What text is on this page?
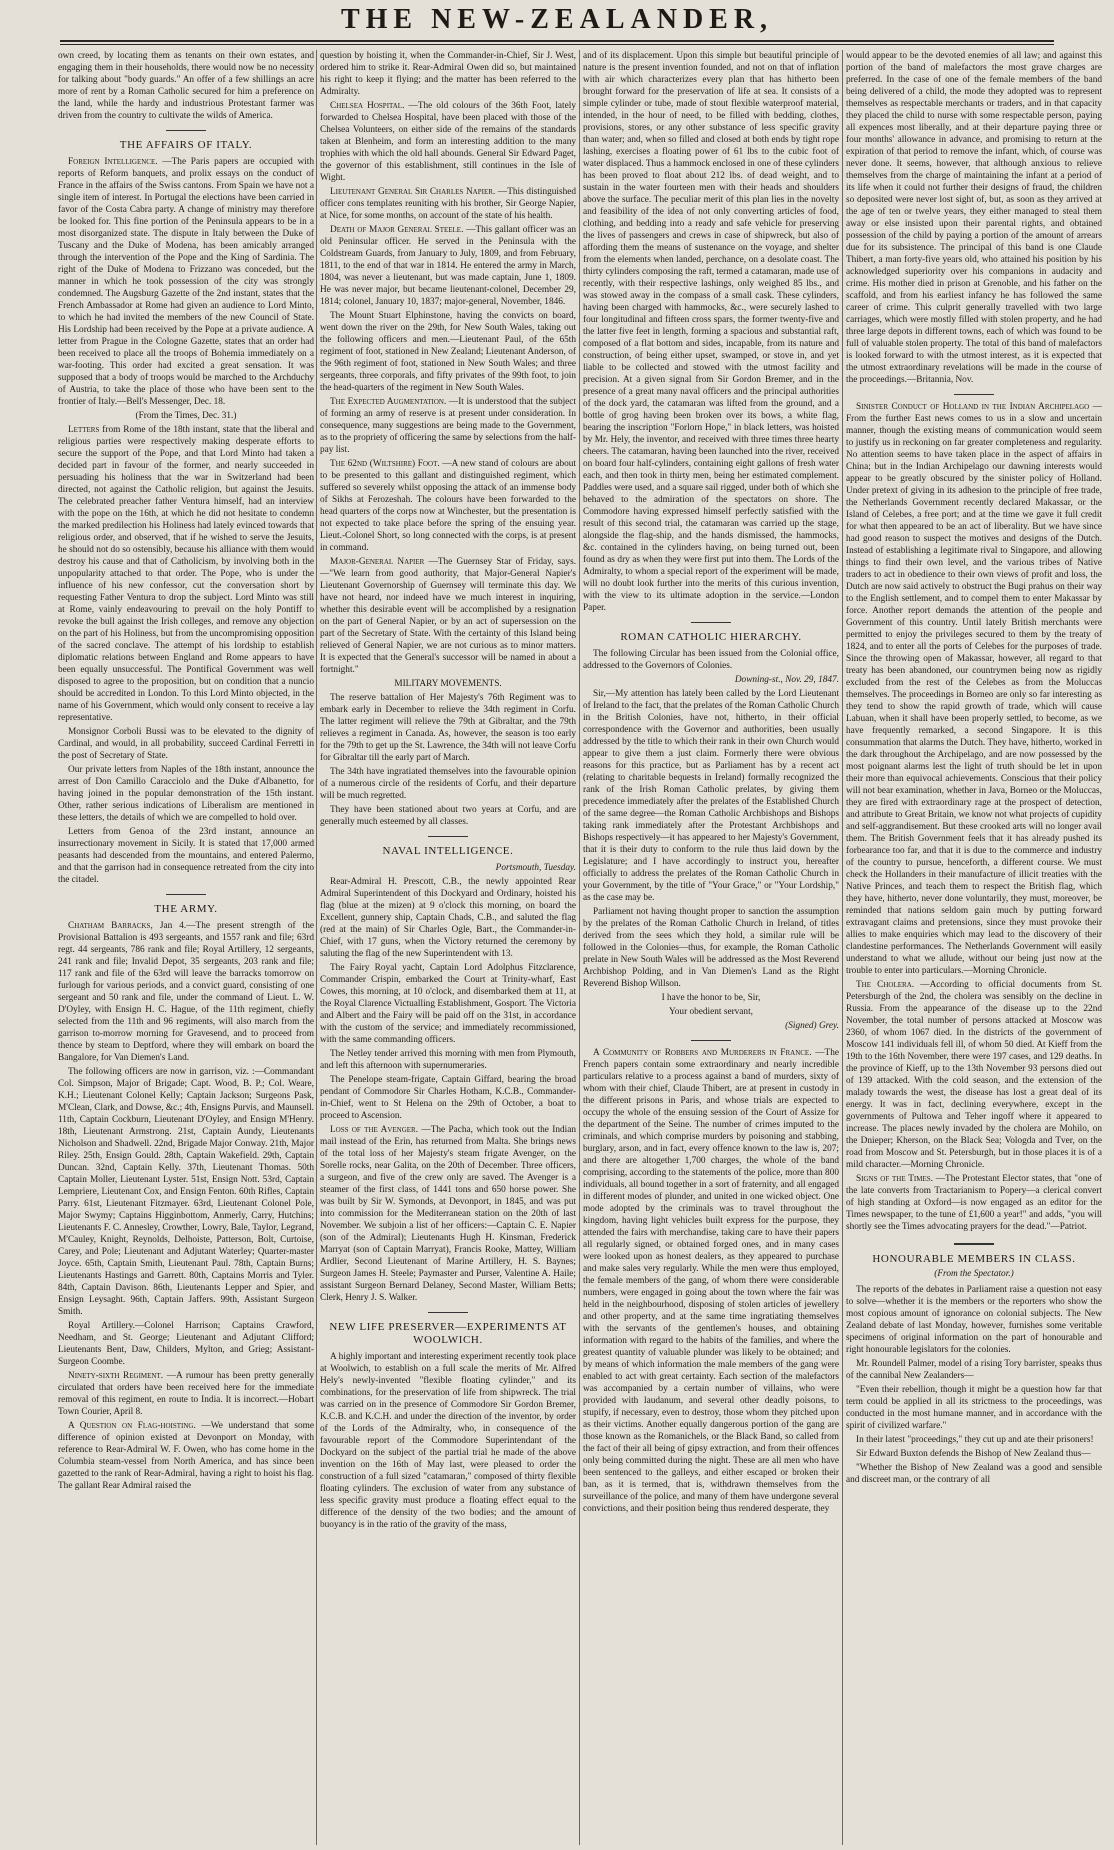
THE NEW-ZEALANDER,

own creed, by locating them as tenants on their own estates, and engaging them in their households, there would now be no necessity for talking about "body guards." An offer of a few shillings an acre more of rent by a Roman Catholic secured for him a preference on the land, while the hardy and industrious Protestant farmer was driven from the country to cultivate the wilds of America.

THE AFFAIRS OF ITALY.

Foreign Intelligence. —The Paris papers are occupied with reports of Reform banquets, and prolix essays on the conduct of France in the affairs of the Swiss cantons. From Spain we have not a single item of interest. In Portugal the elections have been carried in favor of the Costa Cabra party. A change of ministry may therefore be looked for. This fine portion of the Peninsula appears to be in a most disorganized state. The dispute in Italy between the Duke of Tuscany and the Duke of Modena, has been amicably arranged through the intervention of the Pope and the King of Sardinia. The right of the Duke of Modena to Frizzano was conceded, but the manner in which he took possession of the city was strongly condemned. The Augsburg Gazette of the 2nd instant, states that the French Ambassador at Rome had given an audience to Lord Minto, to which he had invited the members of the new Council of State. His Lordship had been received by the Pope at a private audience. A letter from Prague in the Cologne Gazette, states that an order had been received to place all the troops of Bohemia immediately on a war-footing. This order had excited a great sensation. It was supposed that a body of troops would be marched to the Archduchy of Austria, to take the place of those who have been sent to the frontier of Italy.—Bell's Messenger, Dec. 18.

(From the Times, Dec. 31.)

Letters from Rome of the 18th instant, state that the liberal and religious parties were respectively making desperate efforts to secure the support of the Pope, and that Lord Minto had taken a decided part in favour of the former, and nearly succeeded in persuading his holiness that the war in Switzerland had been directed, not against the Catholic religion, but against the Jesuits. The celebrated preacher father Ventura himself, had an interview with the pope on the 16th, at which he did not hesitate to condemn the marked predilection his Holiness had lately evinced towards that religious order, and observed, that if he wished to serve the Jesuits, he should not do so ostensibly, because his alliance with them would destroy his cause and that of Catholicism, by involving both in the unpopularity attached to that order. The Pope, who is under the influence of his new confessor, cut the conversation short by requesting Father Ventura to drop the subject. Lord Minto was still at Rome, vainly endeavouring to prevail on the holy Pontiff to revoke the bull against the Irish colleges, and remove any objection on the part of his Holiness, but from the uncompromising opposition of the sacred conclave. The attempt of his lordship to establish diplomatic relations between England and Rome appears to have been equally unsuccessful. The Pontifical Government was well disposed to agree to the proposition, but on condition that a nuncio should be accredited in London. To this Lord Minto objected, in the name of his Government, which would only consent to receive a lay representative.

Monsignor Corboli Bussi was to be elevated to the dignity of Cardinal, and would, in all probability, succeed Cardinal Ferretti in the post of Secretary of State.

Our private letters from Naples of the 18th instant, announce the arrest of Don Camillo Caracciolo and the Duke d'Albanetto, for having joined in the popular demonstration of the 15th instant. Other, rather serious indications of Liberalism are mentioned in these letters, the details of which we are compelled to hold over.

Letters from Genoa of the 23rd instant, announce an insurrectionary movement in Sicily. It is stated that 17,000 armed peasants had descended from the mountains, and entered Palermo, and that the garrison had in consequence retreated from the city into the citadel.

THE ARMY.

Chatham Barracks, Jan 4.—The present strength of the Provisional Battalion is 493 sergeants, and 1557 rank and file; 63rd regt. 44 sergeants, 786 rank and file; Royal Artillery, 12 sergeants, 241 rank and file; Invalid Depot, 35 sergeants, 203 rank and file; 117 rank and file of the 63rd will leave the barracks tomorrow on furlough for various periods, and a convict guard, consisting of one sergeant and 50 rank and file, under the command of Lieut. L. W. D'Oyley, with Ensign H. C. Hague, of the 11th regiment, chiefly selected from the 11th and 96 regiments, will also march from the garrison to-morrow morning for Gravesend, and to proceed from thence by steam to Deptford, where they will embark on board the Bangalore, for Van Diemen's Land.

The following officers are now in garrison, viz. :—Commandant Col. Simpson, Major of Brigade; Capt. Wood, B. P.; Col. Weare, K.H.; Lieutenant Colonel Kelly; Captain Jackson; Surgeons Pask, M'Clean, Clark, and Dowse, &c.; 4th, Ensigns Purvis, and Maunsell. 11th, Captain Cockburn, Lieutenant D'Oyley, and Ensign M'Henry. 18th, Lieutenant Armstrong. 21st, Captain Aundy, Lieutenants Nicholson and Shadwell. 22nd, Brigade Major Conway. 21th, Major Riley. 25th, Ensign Gould. 28th, Captain Wakefield. 29th, Captain Duncan. 32nd, Captain Kelly. 37th, Lieutenant Thomas. 50th Captain Moller, Lieutenant Lyster. 51st, Ensign Nott. 53rd, Captain Lempriere, Lieutenant Cox, and Ensign Fenton. 60th Rifles, Captain Parry. 61st, Lieutenant Fitzmayer. 63rd, Lieutenant Colonel Pole, Major Swymy; Captains Higginbottom, Anmerly, Carry, Hutchins; Lieutenants F. C. Annesley, Crowther, Lowry, Bale, Taylor, Legrand, M'Cauley, Knight, Reynolds, Delhoiste, Patterson, Bolt, Curtoise, Carey, and Pole; Lieutenant and Adjutant Waterley; Quarter-master Joyce. 65th, Captain Smith, Lieutenant Paul. 78th, Captain Burns; Lieutenants Hastings and Garrett. 80th, Captains Morris and Tyler. 84th, Captain Davison. 86th, Lieutenants Lepper and Spier, and Ensign Leysaght. 96th, Captain Jaffers. 99th, Assistant Surgeon Smith.

Royal Artillery.—Colonel Harrison; Captains Crawford, Needham, and St. George; Lieutenant and Adjutant Clifford; Lieutenants Bent, Daw, Childers, Mylton, and Grieg; Assistant-Surgeon Coombe.

Ninety-sixth Regiment. —A rumour has been pretty generally circulated that orders have been received here for the immediate removal of this regiment, en route to India. It is incorrect.—Hobart Town Courier, April 8.

A Question on Flag-hoisting. —We understand that some difference of opinion existed at Devonport on Monday, with reference to Rear-Admiral W. F. Owen, who has come home in the Columbia steam-vessel from North America, and has since been gazetted to the rank of Rear-Admiral, having a right to hoist his flag. The gallant Rear Admiral raised the

question by hoisting it, when the Commander-in-Chief, Sir J. West, ordered him to strike it. Rear-Admiral Owen did so, but maintained his right to keep it flying; and the matter has been referred to the Admiralty.

Chelsea Hospital. —The old colours of the 36th Foot, lately forwarded to Chelsea Hospital, have been placed with those of the Chelsea Volunteers, on either side of the remains of the standards taken at Blenheim, and form an interesting addition to the many trophies with which the old hall abounds. General Sir Edward Paget, the governor of this establishment, still continues in the Isle of Wight.

Lieutenant General Sir Charles Napier. —This distinguished officer cons templates reuniting with his brother, Sir George Napier, at Nice, for some months, on account of the state of his health.

Death of Major General Steele. —This gallant officer was an old Peninsular officer. He served in the Peninsula with the Coldstream Guards, from January to July, 1809, and from February, 1811, to the end of that war in 1814. He entered the army in March, 1804, was never a lieutenant, but was made captain, June 1, 1809. He was never major, but became lieutenant-colonel, December 29, 1814; colonel, January 10, 1837; major-general, November, 1846.

The Mount Stuart Elphinstone, having the convicts on board, went down the river on the 29th, for New South Wales, taking out the following officers and men.—Lieutenant Paul, of the 65th regiment of foot, stationed in New Zealand; Lieutenant Anderson, of the 96th regiment of foot, stationed in New South Wales; and three sergeants, three corporals, and fifty privates of the 99th foot, to join the head-quarters of the regiment in New South Wales.

The Expected Augmentation. —It is understood that the subject of forming an army of reserve is at present under consideration. In consequence, many suggestions are being made to the Government, as to the propriety of officering the same by selections from the half-pay list.

The 62nd (Wiltshire) Foot. —A new stand of colours are about to be presented to this gallant and distinguished regiment, which suffered so severely whilst opposing the attack of an immense body of Sikhs at Ferozeshah. The colours have been forwarded to the head quarters of the corps now at Winchester, but the presentation is not expected to take place before the spring of the ensuing year. Lieut.-Colonel Short, so long connected with the corps, is at present in command.

Major-General Napier —The Guernsey Star of Friday, says.—"We learn from good authority, that Major-General Napier's Lieutenant Governorship of Guernsey will terminate this day. We have not heard, nor indeed have we much interest in inquiring, whether this desirable event will be accomplished by a resignation on the part of General Napier, or by an act of supersession on the part of the Secretary of State. With the certainty of this Island being relieved of General Napier, we are not curious as to minor matters. It is expected that the General's successor will be named in about a fortnight."

MILITARY MOVEMENTS.

The reserve battalion of Her Majesty's 76th Regiment was to embark early in December to relieve the 34th regiment in Corfu. The latter regiment will relieve the 79th at Gibraltar, and the 79th relieves a regiment in Canada. As, however, the season is too early for the 79th to get up the St. Lawrence, the 34th will not leave Corfu for Gibraltar till the early part of March.

The 34th have ingratiated themselves into the favourable opinion of a numerous circle of the residents of Corfu, and their departure will be much regretted.

They have been stationed about two years at Corfu, and are generally much esteemed by all classes.

NAVAL INTELLIGENCE.

Portsmouth, Tuesday.

Rear-Admiral H. Prescott, C.B., the newly appointed Rear Admiral Superintendent of this Dockyard and Ordinary, hoisted his flag (blue at the mizen) at 9 o'clock this morning, on board the Excellent, gunnery ship, Captain Chads, C.B., and saluted the flag (red at the main) of Sir Charles Ogle, Bart., the Commander-in-Chief, with 17 guns, when the Victory returned the ceremony by saluting the flag of the new Superintendent with 13.

The Fairy Royal yacht, Captain Lord Adolphus Fitzclarence, Commander Crispin, embarked the Court at Trinity-wharf, East Cowes, this morning, at 10 o'clock, and disembarked them at 11, at the Royal Clarence Victualling Establishment, Gosport. The Victoria and Albert and the Fairy will be paid off on the 31st, in accordance with the custom of the service; and immediately recommissioned, with the same commanding officers.

The Netley tender arrived this morning with men from Plymouth, and left this afternoon with supernumeraries.

The Penelope steam-frigate, Captain Giffard, bearing the broad pendant of Commodore Sir Charles Hotham, K.C.B., Commander-in-Chief, went to St Helena on the 29th of October, a boat to proceed to Ascension.

Loss of the Avenger. —The Pacha, which took out the Indian mail instead of the Erin, has returned from Malta. She brings news of the total loss of her Majesty's steam frigate Avenger, on the Sorelle rocks, near Galita, on the 20th of December. Three officers, a surgeon, and five of the crew only are saved. The Avenger is a steamer of the first class, of 1441 tons and 650 horse power. She was built by Sir W. Symonds, at Devonport, in 1845, and was put into commission for the Mediterranean station on the 20th of last November. We subjoin a list of her officers:—Captain C. E. Napier (son of the Admiral); Lieutenants Hugh H. Kinsman, Frederick Marryat (son of Captain Marryat), Francis Rooke, Mattey, William Ardlier, Second Lieutenant of Marine Artillery, H. S. Baynes; Surgeon James H. Steele; Paymaster and Purser, Valentine A. Haile; assistant Surgeon Bernard Delaney, Second Master, William Betts; Clerk, Henry J. S. Walker.

NEW LIFE PRESERVER—EXPERIMENTS AT WOOLWICH.

A highly important and interesting experiment recently took place at Woolwich, to establish on a full scale the merits of Mr. Alfred Hely's newly-invented "flexible floating cylinder," and its combinations, for the preservation of life from shipwreck. The trial was carried on in the presence of Commodore Sir Gordon Bremer, K.C.B. and K.C.H. and under the direction of the inventor, by order of the Lords of the Admiralty, who, in consequence of the favourable report of the Commodore Superintendant of the Dockyard on the subject of the partial trial he made of the above invention on the 16th of May last, were pleased to order the construction of a full sized "catamaran," composed of thirty flexible floating cylinders. The exclusion of water from any substance of less specific gravity must produce a floating effect equal to the difference of the density of the two bodies; and the amount of buoyancy is in the ratio of the gravity of the mass,

and of its displacement. Upon this simple but beautiful principle of nature is the present invention founded, and not on that of inflation with air which characterizes every plan that has hitherto been brought forward for the preservation of life at sea. It consists of a simple cylinder or tube, made of stout flexible waterproof material, intended, in the hour of need, to be filled with bedding, clothes, provisions, stores, or any other substance of less specific gravity than water; and, when so filled and closed at both ends by tight rope lashing, exercises a floating power of 61 lbs to the cubic foot of water displaced. Thus a hammock enclosed in one of these cylinders has been proved to float about 212 lbs. of dead weight, and to sustain in the water fourteen men with their heads and shoulders above the surface. The peculiar merit of this plan lies in the novelty and feasibility of the idea of not only converting articles of food, clothing, and bedding into a ready and safe vehicle for preserving the lives of passengers and crews in case of shipwreck, but also of affording them the means of sustenance on the voyage, and shelter from the elements when landed, perchance, on a desolate coast. The thirty cylinders composing the raft, termed a catamaran, made use of recently, with their respective lashings, only weighed 85 lbs., and was stowed away in the compass of a small cask. These cylinders, having been charged with hammocks, &c., were securely lashed to four longitudinal and fifteen cross spars, the former twenty-five and the latter five feet in length, forming a spacious and substantial raft, composed of a flat bottom and sides, incapable, from its nature and construction, of being either upset, swamped, or stove in, and yet liable to be collected and stowed with the utmost facility and precision. At a given signal from Sir Gordon Bremer, and in the presence of a great many naval officers and the principal authorities of the dock yard, the catamaran was lifted from the ground, and a bottle of grog having been broken over its bows, a white flag, bearing the inscription "Forlorn Hope," in black letters, was hoisted by Mr. Hely, the inventor, and received with three times three hearty cheers. The catamaran, having been launched into the river, received on board four half-cylinders, containing eight gallons of fresh water each, and then took in thirty men, being her estimated complement. Paddles were used, and a square sail rigged, under both of which she behaved to the admiration of the spectators on shore. The Commodore having expressed himself perfectly satisfied with the result of this second trial, the catamaran was carried up the stage, alongside the flag-ship, and the hands dismissed, the hammocks, &c. contained in the cylinders having, on being turned out, been found as dry as when they were first put into them. The Lords of the Admiralty, to whom a special report of the experiment will be made, will no doubt look further into the merits of this curious invention, with the view to its ultimate adoption in the service.—London Paper.

ROMAN CATHOLIC HIERARCHY.

The following Circular has been issued from the Colonial office, addressed to the Governors of Colonies.

Downing-st., Nov. 29, 1847.

Sir,—My attention has lately been called by the Lord Lieutenant of Ireland to the fact, that the prelates of the Roman Catholic Church in the British Colonies, have not, hitherto, in their official correspondence with the Governor and authorities, been usually addressed by the title to which their rank in their own Church would appear to give them a just claim. Formerly there were obvious reasons for this practice, but as Parliament has by a recent act (relating to charitable bequests in Ireland) formally recognized the rank of the Irish Roman Catholic prelates, by giving them precedence immediately after the prelates of the Established Church of the same degree—the Roman Catholic Archbishops and Bishops taking rank immediately after the Protestant Archbishops and Bishops respectively—it has appeared to her Majesty's Government, that it is their duty to conform to the rule thus laid down by the Legislature; and I have accordingly to instruct you, hereafter officially to address the prelates of the Roman Catholic Church in your Government, by the title of "Your Grace," or "Your Lordship," as the case may be.

Parliament not having thought proper to sanction the assumption by the prelates of the Roman Catholic Church in Ireland, of titles derived from the sees which they hold, a similar rule will be followed in the Colonies—thus, for example, the Roman Catholic prelate in New South Wales will be addressed as the Most Reverend Archbishop Polding, and in Van Diemen's Land as the Right Reverend Bishop Willson.

I have the honor to be, Sir,

Your obedient servant,

(Signed) Grey.

A Community of Robbers and Murderers in France. —The French papers contain some extraordinary and nearly incredible particulars relative to a process against a band of murders, sixty of whom with their chief, Claude Thibert, are at present in custody in the different prisons in Paris, and whose trials are expected to occupy the whole of the ensuing session of the Court of Assize for the department of the Seine. The number of crimes imputed to the criminals, and which comprise murders by poisoning and stabbing, burglary, arson, and in fact, every offence known to the law is, 207; and there are altogether 1,700 charges, the whole of the band comprising, according to the statements of the police, more than 800 individuals, all bound together in a sort of fraternity, and all engaged in different modes of plunder, and united in one wicked object. One mode adopted by the criminals was to travel throughout the kingdom, having light vehicles built express for the purpose, they attended the fairs with merchandise, taking care to have their papers all regularly signed, or obtained forged ones, and in many cases were looked upon as honest dealers, as they appeared to purchase and make sales very regularly. While the men were thus employed, the female members of the gang, of whom there were considerable numbers, were engaged in going about the town where the fair was held in the neighbourhood, disposing of stolen articles of jewellery and other property, and at the same time ingratiating themselves with the servants of the gentlemen's houses, and obtaining information with regard to the habits of the families, and where the greatest quantity of valuable plunder was likely to be obtained; and by means of which information the male members of the gang were enabled to act with great certainty. Each section of the malefactors was accompanied by a certain number of villains, who were provided with laudanum, and several other deadly poisons, to stupify, if necessary, even to destroy, those whom they pitched upon as their victims. Another equally dangerous portion of the gang are those known as the Romanichels, or the Black Band, so called from the fact of their all being of gipsy extraction, and from their offences only being committed during the night. These are all men who have been sentenced to the galleys, and either escaped or broken their ban, as it is termed, that is, withdrawn themselves from the surveillance of the police, and many of them have undergone several convictions, and their position being thus rendered desperate, they

would appear to be the devoted enemies of all law; and against this portion of the band of malefactors the most grave charges are preferred. In the case of one of the female members of the band being delivered of a child, the mode they adopted was to represent themselves as respectable merchants or traders, and in that capacity they placed the child to nurse with some respectable person, paying all expences most liberally, and at their departure paying three or four months' allowance in advance, and promising to return at the expiration of that period to remove the infant, which, of course was never done. It seems, however, that although anxious to relieve themselves from the charge of maintaining the infant at a period of its life when it could not further their designs of fraud, the children so deposited were never lost sight of, but, as soon as they arrived at the age of ten or twelve years, they either managed to steal them away or else insisted upon their parental rights, and obtained possession of the child by paying a portion of the amount of arrears due for its subsistence. The principal of this band is one Claude Thibert, a man forty-five years old, who attained his position by his acknowledged superiority over his companions in audacity and crime. His mother died in prison at Grenoble, and his father on the scaffold, and from his earliest infancy he has followed the same career of crime. This culprit generally travelled with two large carriages, which were mostly filled with stolen property, and he had three large depots in different towns, each of which was found to be full of valuable stolen property. The total of this band of malefactors is looked forward to with the utmost interest, as it is expected that the utmost extraordinary revelations will be made in the course of the proceedings.—Britannia, Nov.

Sinister Conduct of Holland in the Indian Archipelago —From the further East news comes to us in a slow and uncertain manner, though the existing means of communication would seem to justify us in reckoning on far greater completeness and regularity. No attention seems to have taken place in the aspect of affairs in China; but in the Indian Archipelago our dawning interests would appear to be greatly obscured by the sinister policy of Holland. Under pretext of giving in its adhesion to the principle of free trade, the Netherlands Government recently declared Makassar, or the Island of Celebes, a free port; and at the time we gave it full credit for what then appeared to be an act of liberality. But we have since had good reason to suspect the motives and designs of the Dutch. Instead of establishing a legitimate rival to Singapore, and allowing things to find their own level, and the various tribes of Native traders to act in obedience to their own views of profit and loss, the Dutch are now said actively to obstruct the Bugi prahus on their way to the English settlement, and to compel them to enter Makassar by force. Another report demands the attention of the people and Government of this country. Until lately British merchants were permitted to enjoy the privileges secured to them by the treaty of 1824, and to enter all the ports of Celebes for the purposes of trade. Since the throwing open of Makassar, however, all regard to that treaty has been abandoned, our countrymen being now as rigidly excluded from the rest of the Celebes as from the Moluccas themselves. The proceedings in Borneo are only so far interesting as they tend to show the rapid growth of trade, which will cause Labuan, when it shall have been properly settled, to become, as we have frequently remarked, a second Singapore. It is this consummation that alarms the Dutch. They have, hitherto, worked in the dark throughout the Archipelago, and are now possessed by the most poignant alarms lest the light of truth should be let in upon their more than equivocal achievements. Conscious that their policy will not bear examination, whether in Java, Borneo or the Moluccas, they are fired with extraordinary rage at the prospect of detection, and attribute to Great Britain, we know not what projects of cupidity and self-aggrandisement. But these crooked arts will no longer avail them. The British Government feels that it has already pushed its forbearance too far, and that it is due to the commerce and industry of the country to pursue, henceforth, a different course. We must check the Hollanders in their manufacture of illicit treaties with the Native Princes, and teach them to respect the British flag, which they have, hitherto, never done voluntarily, they must, moreover, be reminded that nations seldom gain much by putting forward extravagant claims and pretensions, since they must provoke their allies to make enquiries which may lead to the discovery of their clandestine performances. The Netherlands Government will easily understand to what we allude, without our being just now at the trouble to enter into particulars.—Morning Chronicle.

The Cholera. —According to official documents from St. Petersburgh of the 2nd, the cholera was sensibly on the decline in Russia. From the appearance of the disease up to the 22nd November, the total number of persons attacked at Moscow was 2360, of whom 1067 died. In the districts of the government of Moscow 141 individuals fell ill, of whom 50 died. At Kieff from the 19th to the 16th November, there were 197 cases, and 129 deaths. In the province of Kieff, up to the 13th November 93 persons died out of 139 attacked. With the cold season, and the extension of the malady towards the west, the disease has lost a great deal of its energy. It was in fact, declining everywhere, except in the governments of Pultowa and Teher ingoff where it appeared to increase. The places newly invaded by the cholera are Mohilo, on the Dnieper; Kherson, on the Black Sea; Vologda and Tver, on the road from Moscow and St. Petersburgh, but in those places it is of a mild character.—Morning Chronicle.

Signs of the Times. —The Protestant Elector states, that "one of the late converts from Tractarianism to Popery—a clerical convert of high standing at Oxford—is now engaged as an editor for the Times newspaper, to the tune of £1,600 a year!" and adds, "you will shortly see the Times advocating prayers for the dead."—Patriot.

HONOURABLE MEMBERS IN CLASS.

(From the Spectator.)

The reports of the debates in Parliament raise a question not easy to solve—whether it is the members or the reporters who show the most copious amount of ignorance on colonial subjects. The New Zealand debate of last Monday, however, furnishes some veritable specimens of original information on the part of honourable and right honourable legislators for the colonies.

Mr. Roundell Palmer, model of a rising Tory barrister, speaks thus of the cannibal New Zealanders—

"Even their rebellion, though it might be a question how far that term could be applied in all its strictness to the proceedings, was conducted in the most humane manner, and in accordance with the spirit of civilized warfare."

In their latest "proceedings," they cut up and ate their prisoners!

Sir Edward Buxton defends the Bishop of New Zealand thus—

"Whether the Bishop of New Zealand was a good and sensible and discreet man, or the contrary of all
